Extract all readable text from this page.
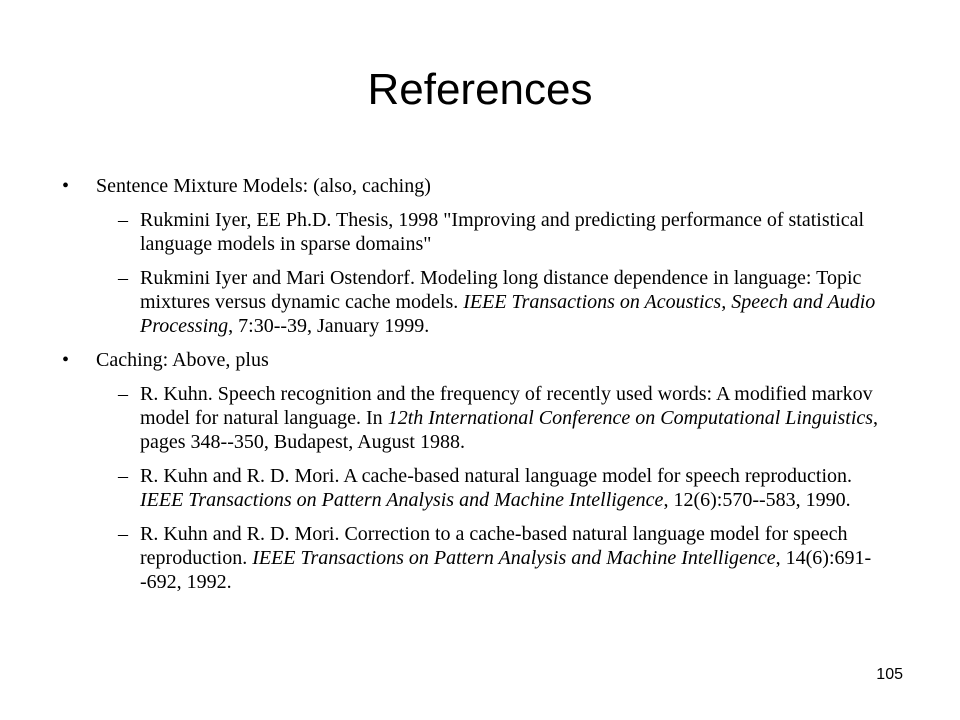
References
• Sentence Mixture Models: (also, caching)
– Rukmini Iyer, EE Ph.D. Thesis, 1998 "Improving and predicting performance of statistical language models in sparse domains"
– Rukmini Iyer and Mari Ostendorf. Modeling long distance dependence in language: Topic mixtures versus dynamic cache models. IEEE Transactions on Acoustics, Speech and Audio Processing, 7:30--39, January 1999.
• Caching: Above, plus
– R. Kuhn. Speech recognition and the frequency of recently used words: A modified markov model for natural language. In 12th International Conference on Computational Linguistics, pages 348--350, Budapest, August 1988.
– R. Kuhn and R. D. Mori. A cache-based natural language model for speech reproduction. IEEE Transactions on Pattern Analysis and Machine Intelligence, 12(6):570--583, 1990.
– R. Kuhn and R. D. Mori. Correction to a cache-based natural language model for speech reproduction. IEEE Transactions on Pattern Analysis and Machine Intelligence, 14(6):691--692, 1992.
105
